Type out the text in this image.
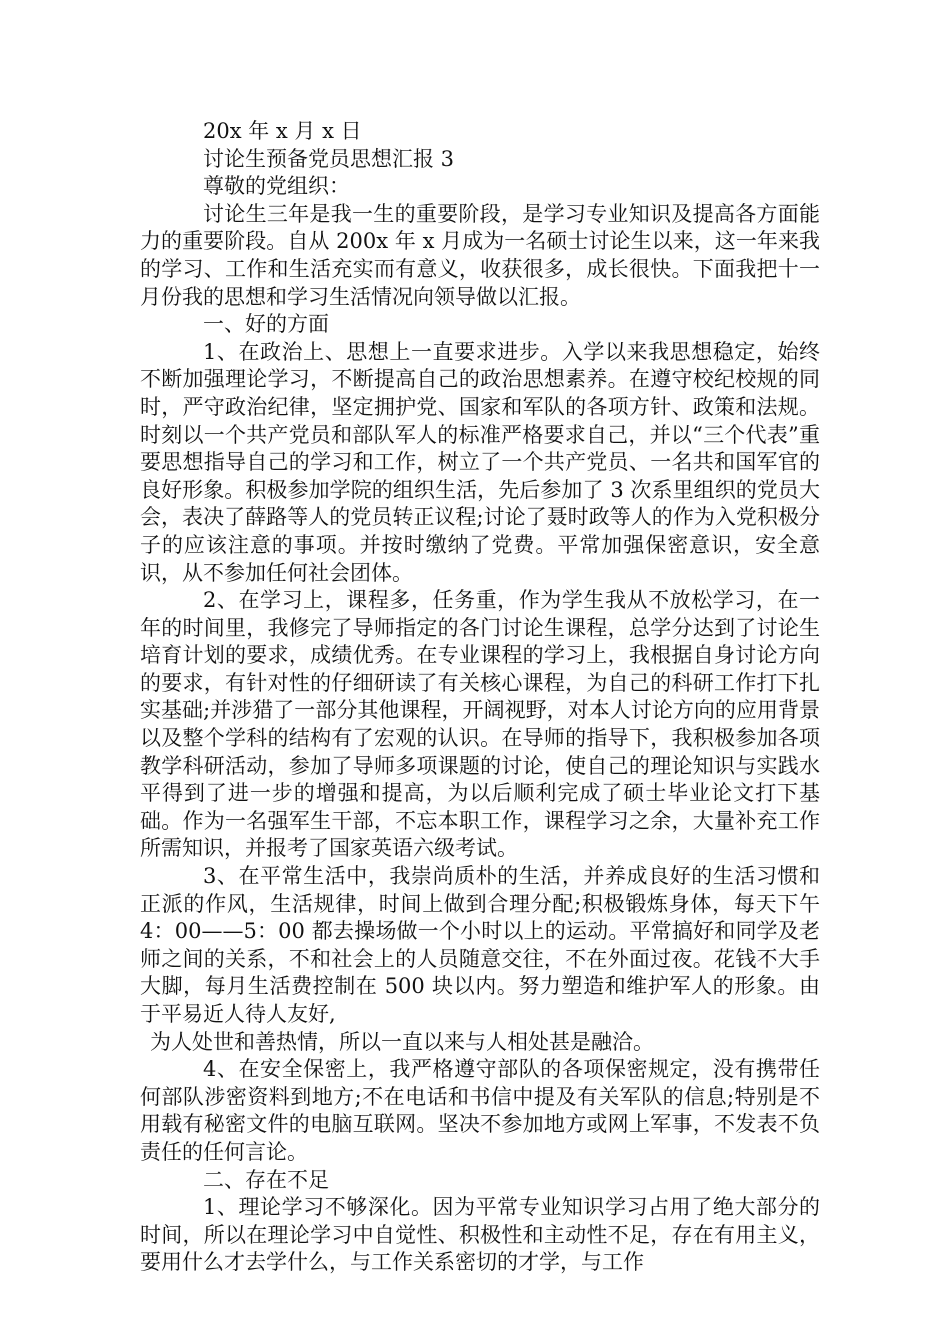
20x 年 x 月 x 日

讨论生预备党员思想汇报 3

尊敬的党组织：

讨论生三年是我一生的重要阶段，是学习专业知识及提高各方面能力的重要阶段。自从 200x 年 x 月成为一名硕士讨论生以来，这一年来我的学习、工作和生活充实而有意义，收获很多，成长很快。下面我把十一月份我的思想和学习生活情况向领导做以汇报。

一、好的方面

1、在政治上、思想上一直要求进步。入学以来我思想稳定，始终不断加强理论学习，不断提高自己的政治思想素养。在遵守校纪校规的同时，严守政治纪律，坚定拥护党、国家和军队的各项方针、政策和法规。时刻以一个共产党员和部队军人的标准严格要求自己，并以“三个代表”重要思想指导自己的学习和工作，树立了一个共产党员、一名共和国军官的良好形象。积极参加学院的组织生活，先后参加了 3 次系里组织的党员大会，表决了薛路等人的党员转正议程;讨论了聂时政等人的作为入党积极分子的应该注意的事项。并按时缴纳了党费。平常加强保密意识，安全意识，从不参加任何社会团体。

2、在学习上，课程多，任务重，作为学生我从不放松学习，在一年的时间里，我修完了导师指定的各门讨论生课程，总学分达到了讨论生培育计划的要求，成绩优秀。在专业课程的学习上，我根据自身讨论方向的要求，有针对性的仔细研读了有关核心课程，为自己的科研工作打下扎实基础;并涉猎了一部分其他课程，开阔视野，对本人讨论方向的应用背景以及整个学科的结构有了宏观的认识。在导师的指导下，我积极参加各项教学科研活动，参加了导师多项课题的讨论，使自己的理论知识与实践水平得到了进一步的增强和提高，为以后顺利完成了硕士毕业论文打下基础。作为一名强军生干部，不忘本职工作，课程学习之余，大量补充工作所需知识，并报考了国家英语六级考试。

3、在平常生活中，我崇尚质朴的生活，并养成良好的生活习惯和正派的作风，生活规律，时间上做到合理分配;积极锻炼身体，每天下午 4：00——5：00 都去操场做一个小时以上的运动。平常搞好和同学及老师之间的关系，不和社会上的人员随意交往，不在外面过夜。花钱不大手大脚，每月生活费控制在 500 块以内。努力塑造和维护军人的形象。由于平易近人待人友好,

为人处世和善热情，所以一直以来与人相处甚是融洽。

4、在安全保密上，我严格遵守部队的各项保密规定，没有携带任何部队涉密资料到地方;不在电话和书信中提及有关军队的信息;特别是不用载有秘密文件的电脑互联网。坚决不参加地方或网上军事，不发表不负责任的任何言论。

二、存在不足

1、理论学习不够深化。因为平常专业知识学习占用了绝大部分的时间，所以在理论学习中自觉性、积极性和主动性不足，存在有用主义，要用什么才去学什么，与工作关系密切的才学，与工作
